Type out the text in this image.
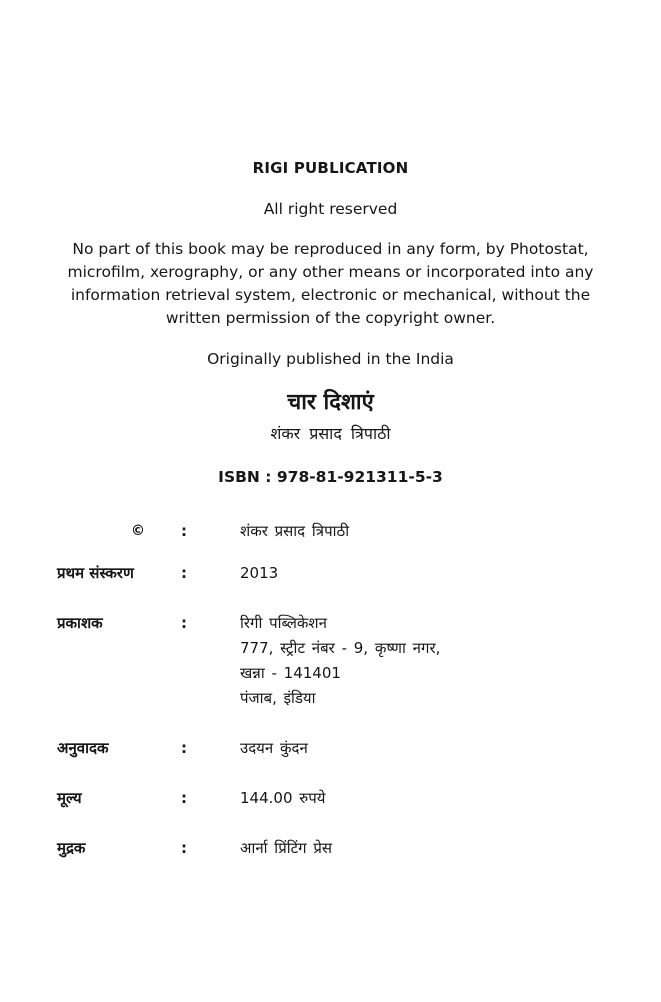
RIGI PUBLICATION
All right reserved
No part of this book may be reproduced in any form, by Photostat, microfilm, xerography, or any other means or incorporated into any information retrieval system, electronic or mechanical, without the written permission of the copyright owner.
Originally published in the India
चार दिशाएं
शंकर प्रसाद त्रिपाठी
ISBN : 978-81-921311-5-3
©	:	शंकर प्रसाद त्रिपाठी
प्रथम संस्करण	:	2013
प्रकाशक	:	रिगी पब्लिकेशन
777, स्ट्रीट नंबर - 9, कृष्णा नगर,
खन्ना - 141401
पंजाब, इंडिया
अनुवादक	:	उदयन कुंदन
मूल्य	:	144.00 रुपये
मुद्रक	:	आर्ना प्रिंटिंग प्रेस
